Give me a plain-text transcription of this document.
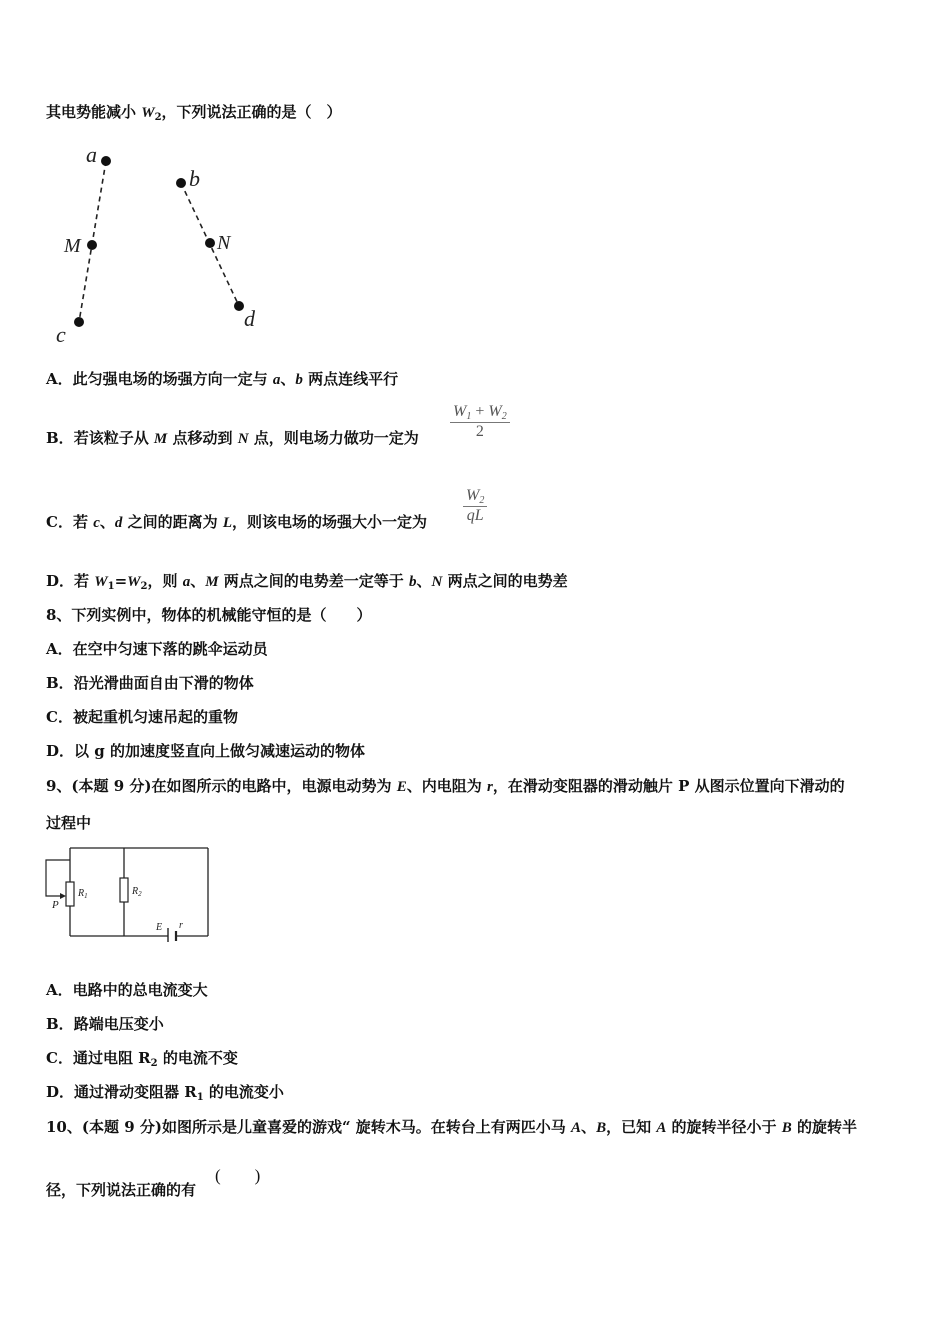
其电势能减小 $W_2$，下列说法正确的是（　）
a
M
c
b
N
d
A．此匀强电场的场强方向一定与 a、b 两点连线平行
B．若该粒子从 M 点移动到 N 点，则电场力做功一定为 $\frac{W_1 + W_2}{2}$
C．若 c、d 之间的距离为 L，则该电场的场强大小一定为 $\frac{W_2}{qL}$
D．若 $W_1=W_2$，则 a、M 两点之间的电势差一定等于 b、N 两点之间的电势差
8、下列实例中，物体的机械能守恒的是（　　）
A．在空中匀速下落的跳伞运动员
B．沿光滑曲面自由下滑的物体
C．被起重机匀速吊起的重物
D．以 g 的加速度竖直向上做匀减速运动的物体
9、(本题 9 分)在如图所示的电路中，电源电动势为 E、内电阻为 r，在滑动变阻器的滑动触片 P 从图示位置向下滑动的
过程中
P
$R_1$	$R_2$
E r
A．电路中的总电流变大
B．路端电压变小
C．通过电阻 $R_2$ 的电流不变
D．通过滑动变阻器 $R_1$ 的电流变小
10、(本题 9 分)如图所示是儿童喜爱的游戏“ 旋转木马。在转台上有两匹小马 A、B，已知 A 的旋转半径小于 B 的旋转半
径，下列说法正确的有
(　　)
